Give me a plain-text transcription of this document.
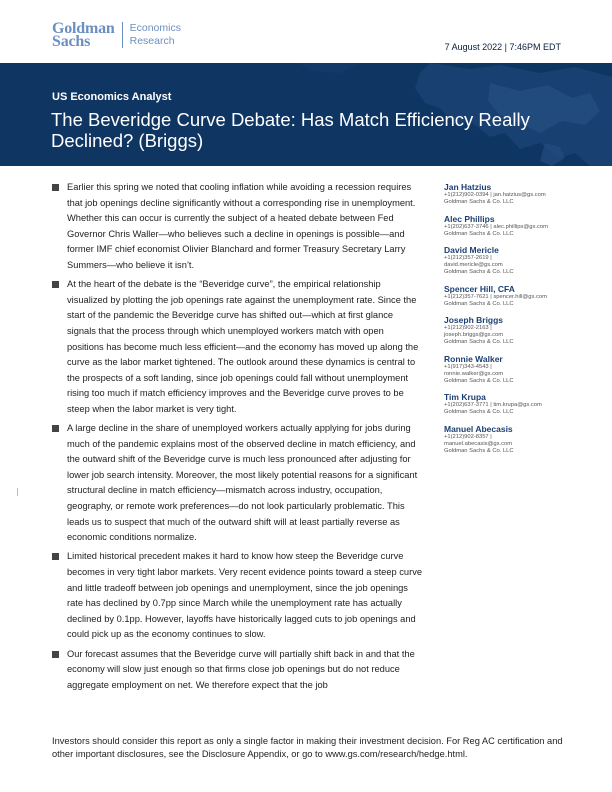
Goldman
Sachs
Economics
Research
7 August 2022 | 7:46PM EDT
US Economics Analyst
The Beveridge Curve Debate: Has Match Efficiency Really Declined? (Briggs)
Earlier this spring we noted that cooling inflation while avoiding a recession requires that job openings decline significantly without a corresponding rise in unemployment. Whether this can occur is currently the subject of a heated debate between Fed Governor Chris Waller—who believes such a decline in openings is possible—and former IMF chief economist Olivier Blanchard and former Treasury Secretary Larry Summers—who believe it isn’t.
At the heart of the debate is the “Beveridge curve”, the empirical relationship visualized by plotting the job openings rate against the unemployment rate. Since the start of the pandemic the Beveridge curve has shifted out—which at first glance signals that the process through which unemployed workers match with open positions has become much less efficient—and the economy has moved up along the curve as the labor market tightened. The outlook around these dynamics is central to the prospects of a soft landing, since job openings could fall without unemployment rising too much if match efficiency improves and the Beveridge curve proves to be steep when the labor market is very tight.
A large decline in the share of unemployed workers actually applying for jobs during much of the pandemic explains most of the observed decline in match efficiency, and the outward shift of the Beveridge curve is much less pronounced after adjusting for lower job search intensity. Moreover, the most likely potential reasons for a significant structural decline in match efficiency—mismatch across industry, occupation, geography, or remote work preferences—do not look particularly problematic. This leads us to suspect that much of the outward shift will at least partially reverse as economic conditions normalize.
Limited historical precedent makes it hard to know how steep the Beveridge curve becomes in very tight labor markets. Very recent evidence points toward a steep curve and little tradeoff between job openings and unemployment, since the job openings rate has declined by 0.7pp since March while the unemployment rate has actually declined by 0.1pp. However, layoffs have historically lagged cuts to job openings and could pick up as the economy continues to slow.
Our forecast assumes that the Beveridge curve will partially shift back in and that the economy will slow just enough so that firms close job openings but do not reduce aggregate employment on net. We therefore expect that the job
Jan Hatzius
+1(212)902-0394 | jan.hatzius@gs.com
Goldman Sachs & Co. LLC
Alec Phillips
+1(202)637-3746 | alec.phillips@gs.com
Goldman Sachs & Co. LLC
David Mericle
+1(212)357-2619 |
david.mericle@gs.com
Goldman Sachs & Co. LLC
Spencer Hill, CFA
+1(212)357-7621 | spencer.hill@gs.com
Goldman Sachs & Co. LLC
Joseph Briggs
+1(212)902-2163 |
joseph.briggs@gs.com
Goldman Sachs & Co. LLC
Ronnie Walker
+1(917)343-4543 |
ronnie.walker@gs.com
Goldman Sachs & Co. LLC
Tim Krupa
+1(202)637-3771 | tim.krupa@gs.com
Goldman Sachs & Co. LLC
Manuel Abecasis
+1(212)902-8357 |
manuel.abecasis@gs.com
Goldman Sachs & Co. LLC
Investors should consider this report as only a single factor in making their investment decision. For Reg AC certification and other important disclosures, see the Disclosure Appendix, or go to www.gs.com/research/hedge.html.
